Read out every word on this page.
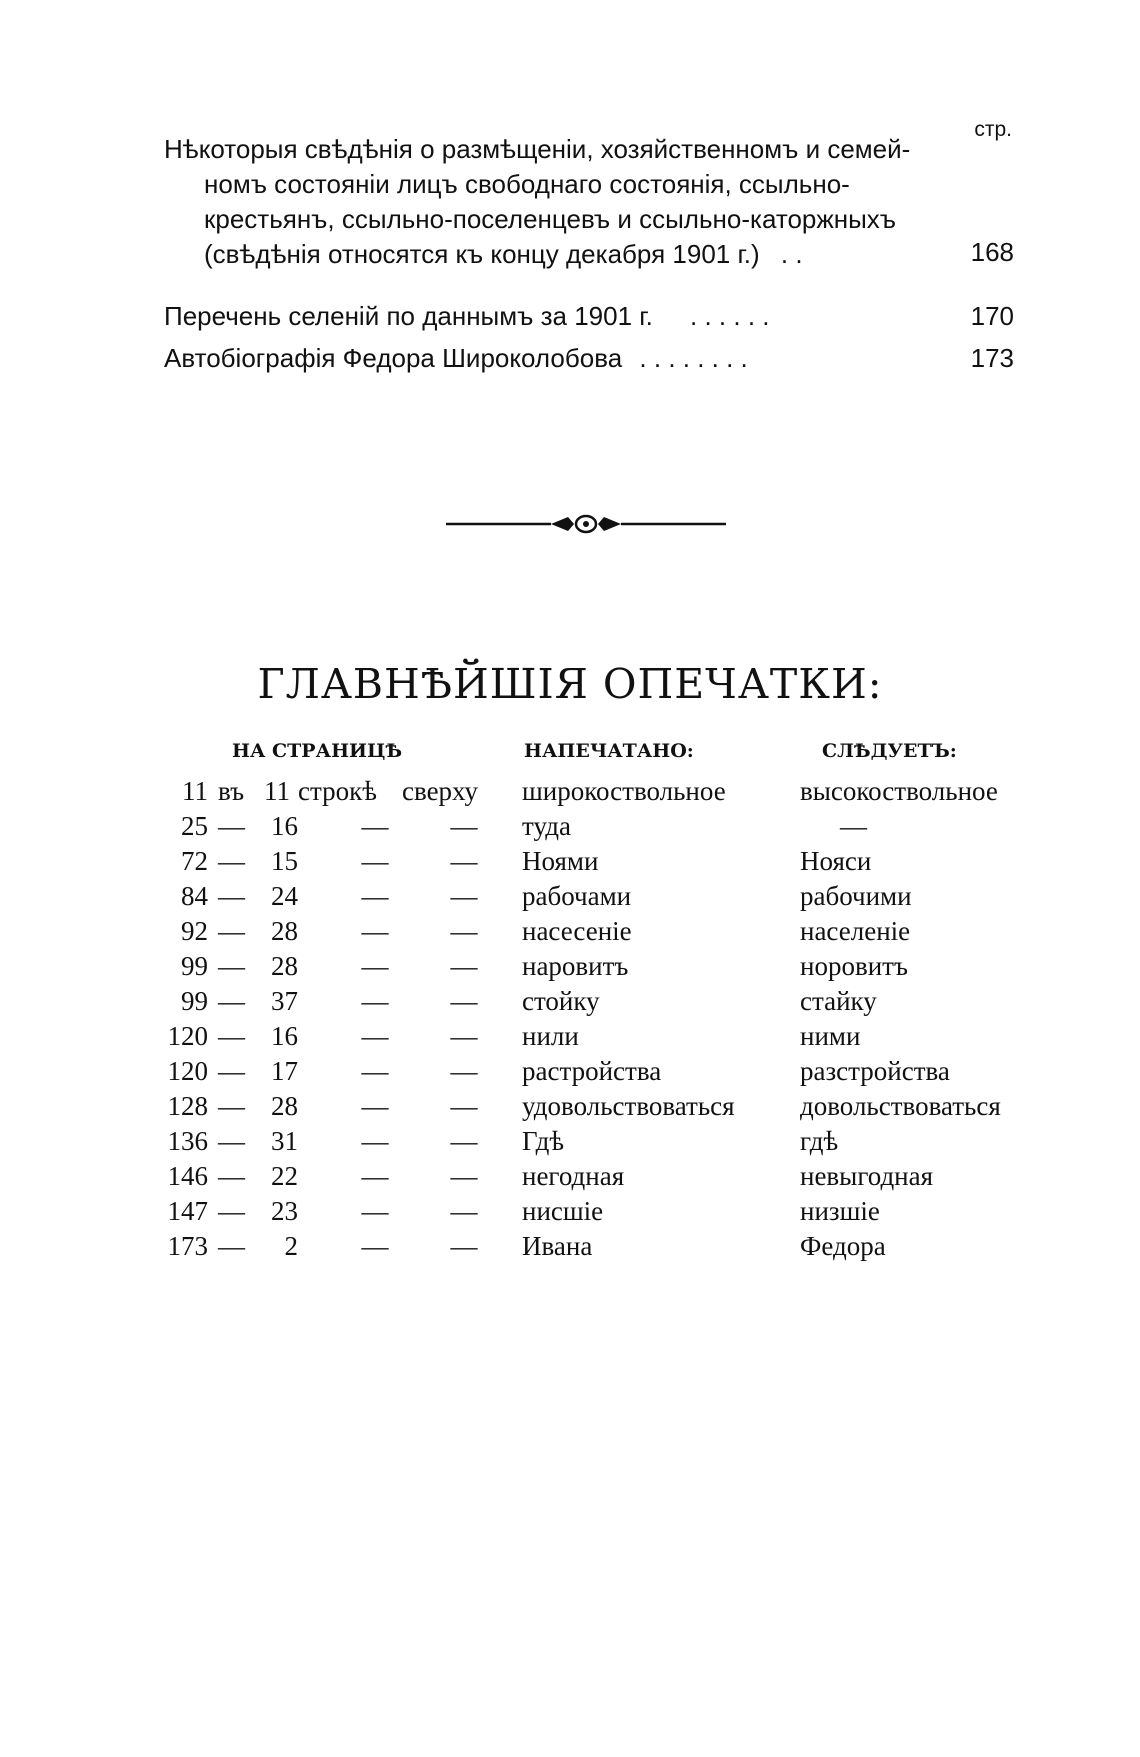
стр.
Нѣкоторыя свѣдѣнія о размѣщеніи, хозяйственномъ и семей-
номъ состояніи лицъ свободнаго состоянія, ссыльно-
крестьянъ, ссыльно-поселенцевъ и ссыльно-каторжныхъ
(свѣдѣнія относятся къ концу декабря 1901 г.) . .	168
Перечень селеній по даннымъ за 1901 г. . . . . . .	170
Автобіографія Федора Широколобова . . . . . . . .	173
ГЛАВНѢЙШІЯ ОПЕЧАТКИ:
НА СТРАНИЦѢ	НАПЕЧАТАНО:	СЛѢДУЕТЪ:
11 въ 11 строкѣ сверху широкоствольное	высокоствольное
25 — 16	—	—	туда	—
72 — 15	—	—	Ноями	Нояси
84 — 24	—	—	рабочами	рабочими
92 — 28	—	—	насесеніе	населеніе
99 — 28	—	—	наровитъ	норовитъ
99 — 37	—	—	стойку	стайку
120 — 16	—	—	нили	ними
120 — 17	—	—	растройства	разстройства
128 — 28	—	—	удовольствоваться довольствоваться
136 — 31	—	—	Гдѣ	гдѣ
146 — 22	—	—	негодная	невыгодная
147 — 23	—	—	нисшіе	низшіе
173 —	2	—	—	Ивана	Федора
